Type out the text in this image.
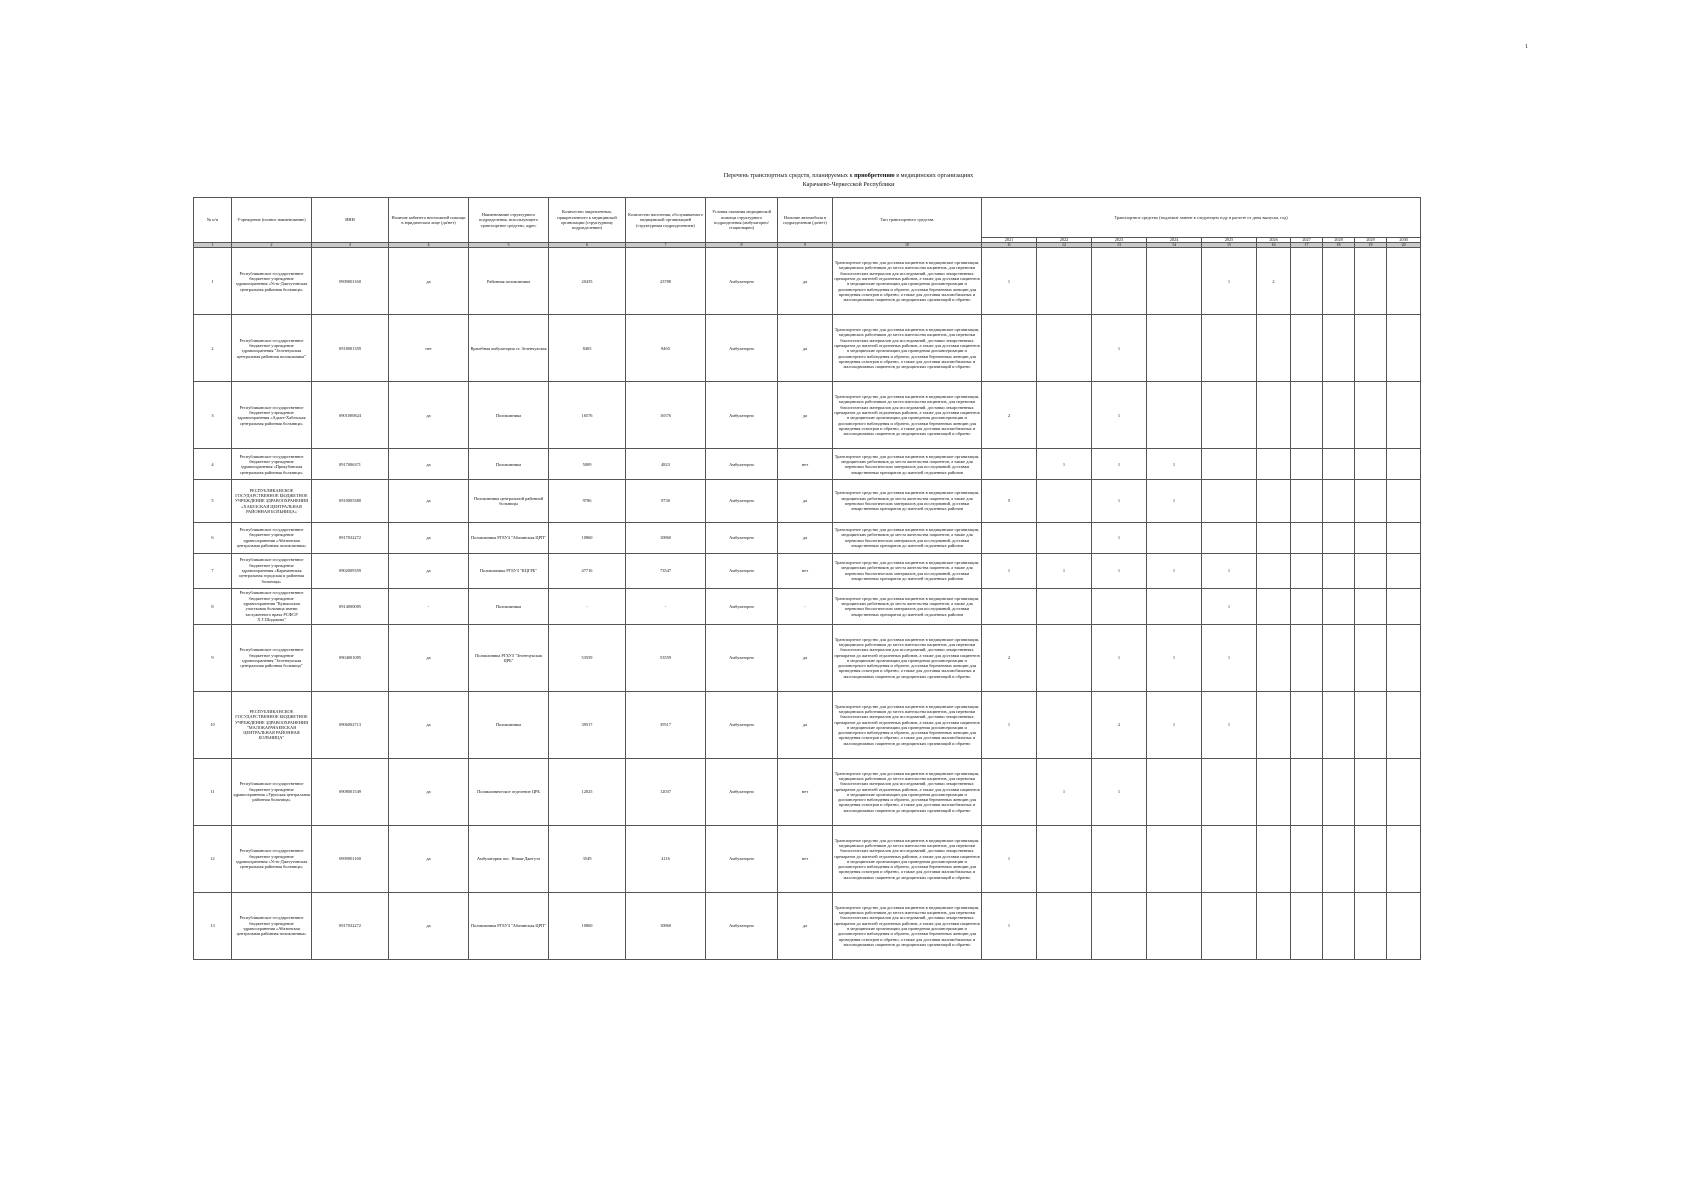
1
Перечень транспортных средств, планируемых к приобретению в медицинских организациях
Карачаево-Черкесской Республики
№ п/п	Учреждение (полное наименование)	ИНН	Наличие кабинета неотложной помощи в юридическом лице (да/нет)	Наименование структурного подразделения, использующего транспортное средство, адрес	Количество закрепленных, прикрепленного к медицинской организации (структурному подразделению)	Количество населения, обслуживаемого медицинской организацией (структурным подразделением)	Условия оказания медицинской помощи структурного подразделения (амбулаторно/стационарно)	Наличие автомобиля в подразделении (да/нет)	Тип транспортного средства	Транспортное средство (подлежит замене в следующем году в расчете от даты выпуска, год)									
										2021	2022	2023	2024	2025	2026	2027	2028	2029	2030
1	2	3	4	5	6	7	8	9	10	11	12	13	14	15	16	17	18	19	20
1	Республиканское государственное бюджетное учреждение здравоохранения «Усть-Джегутинская центральная районная больница»	0909001160	да	Районная поликлиника	20435	23788	Амбулаторно	да	Транспортное средство для доставки пациентов в медицинские организации, медицинских работников до места жительства пациентов, для перевозки биологических материалов для исследований, доставки лекарственных препаратов до жителей отдаленных районов, а также для доставки пациентов в медицинские организации для проведения диспансеризации и диспансерного наблюдения и обратно, доставки беременных женщин для проведения осмотров и обратно, а также для доставки маломобильных и малоподвижных пациентов до медицинских организаций и обратно	1				1	2				
2	Республиканское государственное бюджетное учреждение здравоохранения "Зеленчукская центральная районная поликлиника"	0918001359	нет	Врачебная амбулатория ст. Зеленчукская	8465	8465	Амбулаторно	да	Транспортное средство для доставки пациентов в медицинские организации, медицинских работников до места жительства пациентов, для перевозки биологических материалов для исследований, доставки лекарственных препаратов до жителей отдаленных районов, а также для доставки пациентов в медицинские организации для проведения диспансеризации и диспансерного наблюдения и обратно, доставки беременных женщин для проведения осмотров и обратно, а также для доставки маломобильных и малоподвижных пациентов до медицинских организаций и обратно			1							
3	Республиканское государственное бюджетное учреждение здравоохранения «Адыге-Хабльская центральная районная больница»	0901000824	да	Поликлиника	16576	16576	Амбулаторно	да	Транспортное средство для доставки пациентов в медицинские организации, медицинских работников до места жительства пациентов, для перевозки биологических материалов для исследований, доставки лекарственных препаратов до жителей отдаленных районов, а также для доставки пациентов в медицинские организации для проведения диспансеризации и диспансерного наблюдения и обратно, доставки беременных женщин для проведения осмотров и обратно, а также для доставки маломобильных и малоподвижных пациентов до медицинских организаций и обратно	2		1							
4	Республиканское государственное бюджетное учреждение здравоохранения «Прикубанская центральная районная больница»	0917006371	да	Поликлиника	5009	4823	Амбулаторно	нет	Транспортное средство для доставки пациентов в медицинские организации, медицинских работников до места жительства пациентов, а также для перевозки биологических материалов для исследований, доставки лекарственных препаратов до жителей отдаленных районов		1	1	1						
5	РЕСПУБЛИКАНСКОЕ ГОСУДАРСТВЕННОЕ БЮДЖЕТНОЕ УЧРЕЖДЕНИЕ ЗДРАВООХРАНЕНИЯ «ХАБЕЗСКАЯ ЦЕНТРАЛЬНАЯ РАЙОННАЯ БОЛЬНИЦА»	0910005380	да	Поликлиника центральной районной больницы	9786	9730	Амбулаторно	да	Транспортное средство для доставки пациентов в медицинские организации, медицинских работников до места жительства пациентов, а также для перевозки биологических материалов для исследований, доставки лекарственных препаратов до жителей отдаленных районов	5		1	1						
6	Республиканское государственное бюджетное учреждение здравоохранения «Абазинская центральная районная поликлиника»	0917032272	да	Поликлиника РГБУЗ "Абазинская ЦРП"	10860	10860	Амбулаторно	да	Транспортное средство для доставки пациентов в медицинские организации, медицинских работников до места жительства пациентов, а также для перевозки биологических материалов для исследований, доставки лекарственных препаратов до жителей отдаленных районов			1							
7	Республиканское государственное бюджетное учреждение здравоохранения «Карачаевская центральная городская и районная больница»	0902009359	да	Поликлиника РГБУЗ "КЦГРБ"	47716	73547	Амбулаторно	нет	Транспортное средство для доставки пациентов в медицинские организации, медицинских работников до места жительства пациентов, а также для перевозки биологических материалов для исследований, доставки лекарственных препаратов до жителей отдаленных районов	1	1	1	1	1					
8	Республиканское государственное бюджетное учреждение здравоохранения "Кумышская участковая больница имени заслуженного врача РСФСР Х.Т.Шидакова"	0914000085	-	Поликлиника	-	-	Амбулаторно	-	Транспортное средство для доставки пациентов в медицинские организации, медицинских работников до места жительства пациентов, а также для перевозки биологических материалов для исследований, доставки лекарственных препаратов до жителей отдаленных районов					1					
9	Республиканское государственное бюджетное учреждение здравоохранения "Зеленчукская центральная районная больница"	0904001085	да	Поликлиника РГБУЗ "Зеленчукская ЦРБ"	53559	53559	Амбулаторно	да	Транспортное средство для доставки пациентов в медицинские организации, медицинских работников до места жительства пациентов, для перевозки биологических материалов для исследований, доставки лекарственных препаратов до жителей отдаленных районов, а также для доставки пациентов в медицинские организации для проведения диспансеризации и диспансерного наблюдения и обратно, доставки беременных женщин для проведения осмотров и обратно, а также для доставки маломобильных и малоподвижных пациентов до медицинских организаций и обратно	2		1	1	1					
10	РЕСПУБЛИКАНСКОЕ ГОСУДАРСТВЕННОЕ БЮДЖЕТНОЕ УЧРЕЖДЕНИЕ ЗДРАВООХРАНЕНИЯ "МАЛОКАРАЧАЕВСКАЯ ЦЕНТРАЛЬНАЯ РАЙОННАЯ БОЛЬНИЦА"	0906002713	да	Поликлиника	39517	39517	Амбулаторно	да	Транспортное средство для доставки пациентов в медицинские организации, медицинских работников до места жительства пациентов, для перевозки биологических материалов для исследований, доставки лекарственных препаратов до жителей отдаленных районов, а также для доставки пациентов в медицинские организации для проведения диспансеризации и диспансерного наблюдения и обратно, доставки беременных женщин для проведения осмотров и обратно, а также для доставки маломобильных и малоподвижных пациентов до медицинских организаций и обратно	1		2	1	1					
11	Республиканское государственное бюджетное учреждение здравоохранения «Урупская центральная районная больница»	0908001549	да	Поликлиническое отделение ЦРБ	12025	12037	Амбулаторно	нет	Транспортное средство для доставки пациентов в медицинские организации, медицинских работников до места жительства пациентов, для перевозки биологических материалов для исследований, доставки лекарственных препаратов до жителей отдаленных районов, а также для доставки пациентов в медицинские организации для проведения диспансеризации и диспансерного наблюдения и обратно, доставки беременных женщин для проведения осмотров и обратно, а также для доставки маломобильных и малоподвижных пациентов до медицинских организаций и обратно		1	1							
12	Республиканское государственное бюджетное учреждение здравоохранения «Усть-Джегутинская центральная районная больница»	0909001160	да	Амбулатория пос. Новая-Джегута	3549	4116	Амбулаторно	нет	Транспортное средство для доставки пациентов в медицинские организации, медицинских работников до места жительства пациентов, для перевозки биологических материалов для исследований, доставки лекарственных препаратов до жителей отдаленных районов, а также для доставки пациентов в медицинские организации для проведения диспансеризации и диспансерного наблюдения и обратно, доставки беременных женщин для проведения осмотров и обратно, а также для доставки маломобильных и малоподвижных пациентов до медицинских организаций и обратно	1									
13	Республиканское государственное бюджетное учреждение здравоохранения «Абазинская центральная районная поликлиника»	0917032272	да	Поликлиника РГБУЗ "Абазинская ЦРП"	10860	10860	Амбулаторно	да	Транспортное средство для доставки пациентов в медицинские организации, медицинских работников до места жительства пациентов, для перевозки биологических материалов для исследований, доставки лекарственных препаратов до жителей отдаленных районов, а также для доставки пациентов в медицинские организации для проведения диспансеризации и диспансерного наблюдения и обратно, доставки беременных женщин для проведения осмотров и обратно, а также для доставки маломобильных и малоподвижных пациентов до медицинских организаций и обратно	1									
